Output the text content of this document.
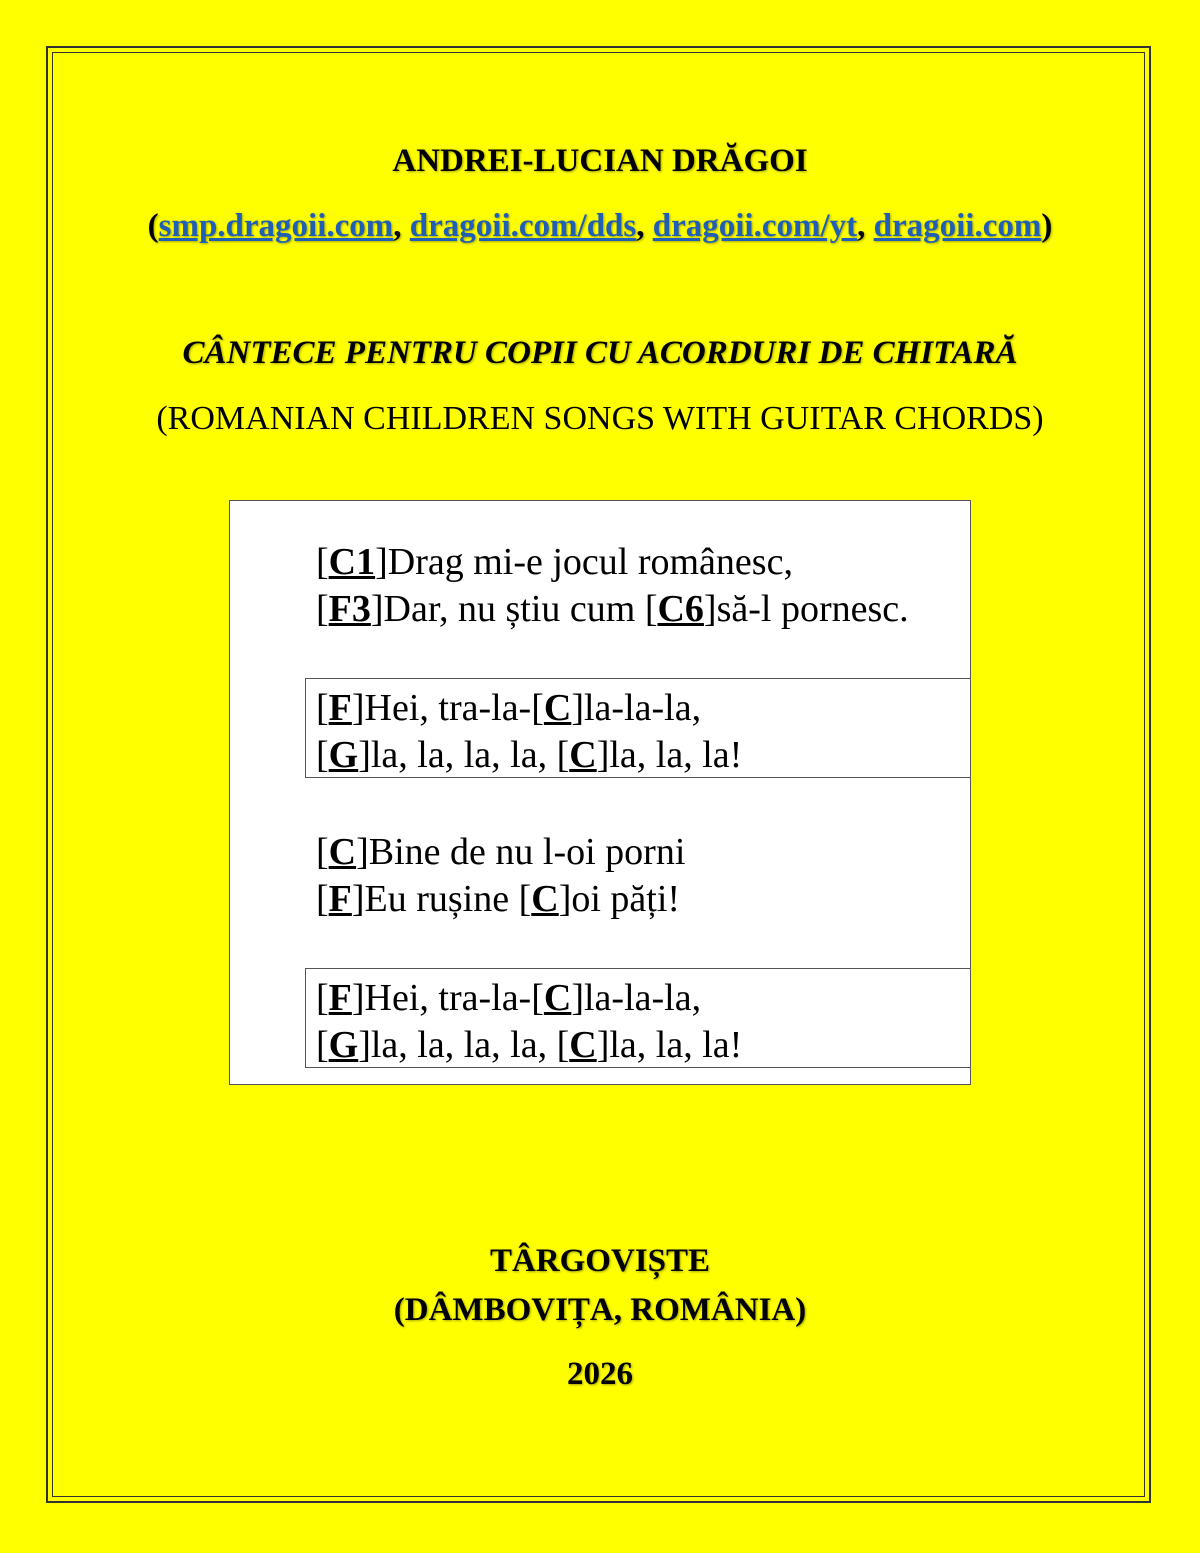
ANDREI-LUCIAN DRĂGOI
(smp.dragoii.com, dragoii.com/dds, dragoii.com/yt, dragoii.com)
CÂNTECE PENTRU COPII CU ACORDURI DE CHITARĂ
(ROMANIAN CHILDREN SONGS WITH GUITAR CHORDS)
[C1]Drag mi-e jocul românesc,
[F3]Dar, nu știu cum [C6]să-l pornesc.
[F]Hei, tra-la-[C]la-la-la,
[G]la, la, la, la, [C]la, la, la!
[C]Bine de nu l-oi porni
[F]Eu rușine [C]oi păți!
[F]Hei, tra-la-[C]la-la-la,
[G]la, la, la, la, [C]la, la, la!
TÂRGOVIȘTE
(DÂMBOVIȚA, ROMÂNIA)
2026
